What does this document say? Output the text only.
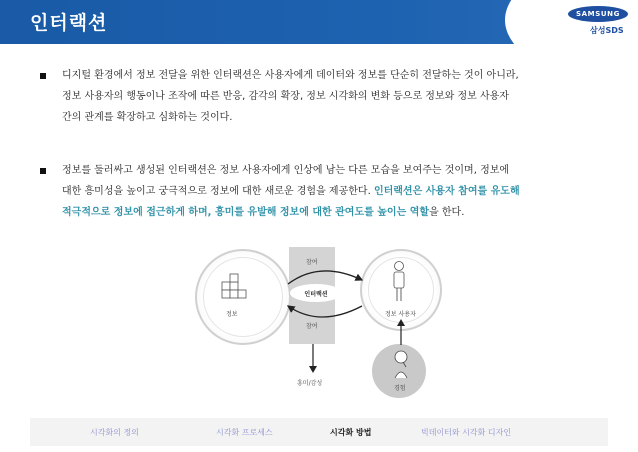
인터랙션	SAMSUNG
삼성SDS

디지털 환경에서 정보 전달을 위한 인터랙션은 사용자에게 데이터와 정보를 단순히 전달하는 것이 아니라,
정보 사용자의 행동이나 조작에 따른 반응, 감각의 확장, 정보 시각화의 변화 등으로 정보와 정보 사용자
간의 관계를 확장하고 심화하는 것이다.

정보를 둘러싸고 생성된 인터랙션은 정보 사용자에게 인상에 남는 다른 모습을 보여주는 것이며, 정보에
대한 흥미성을 높이고 궁극적으로 정보에 대한 새로운 경험을 제공한다. 인터랙션은 사용자 참여를 유도해
적극적으로 정보에 접근하게 하며, 흥미를 유발해 정보에 대한 관여도를 높이는 역할을 한다.

참여
참여
정보	정보 사용자
인터랙션
흥미/감성
경험
시각화의 정의	시각화 프로세스	시각화 방법	빅데이터와 시각화 디자인
